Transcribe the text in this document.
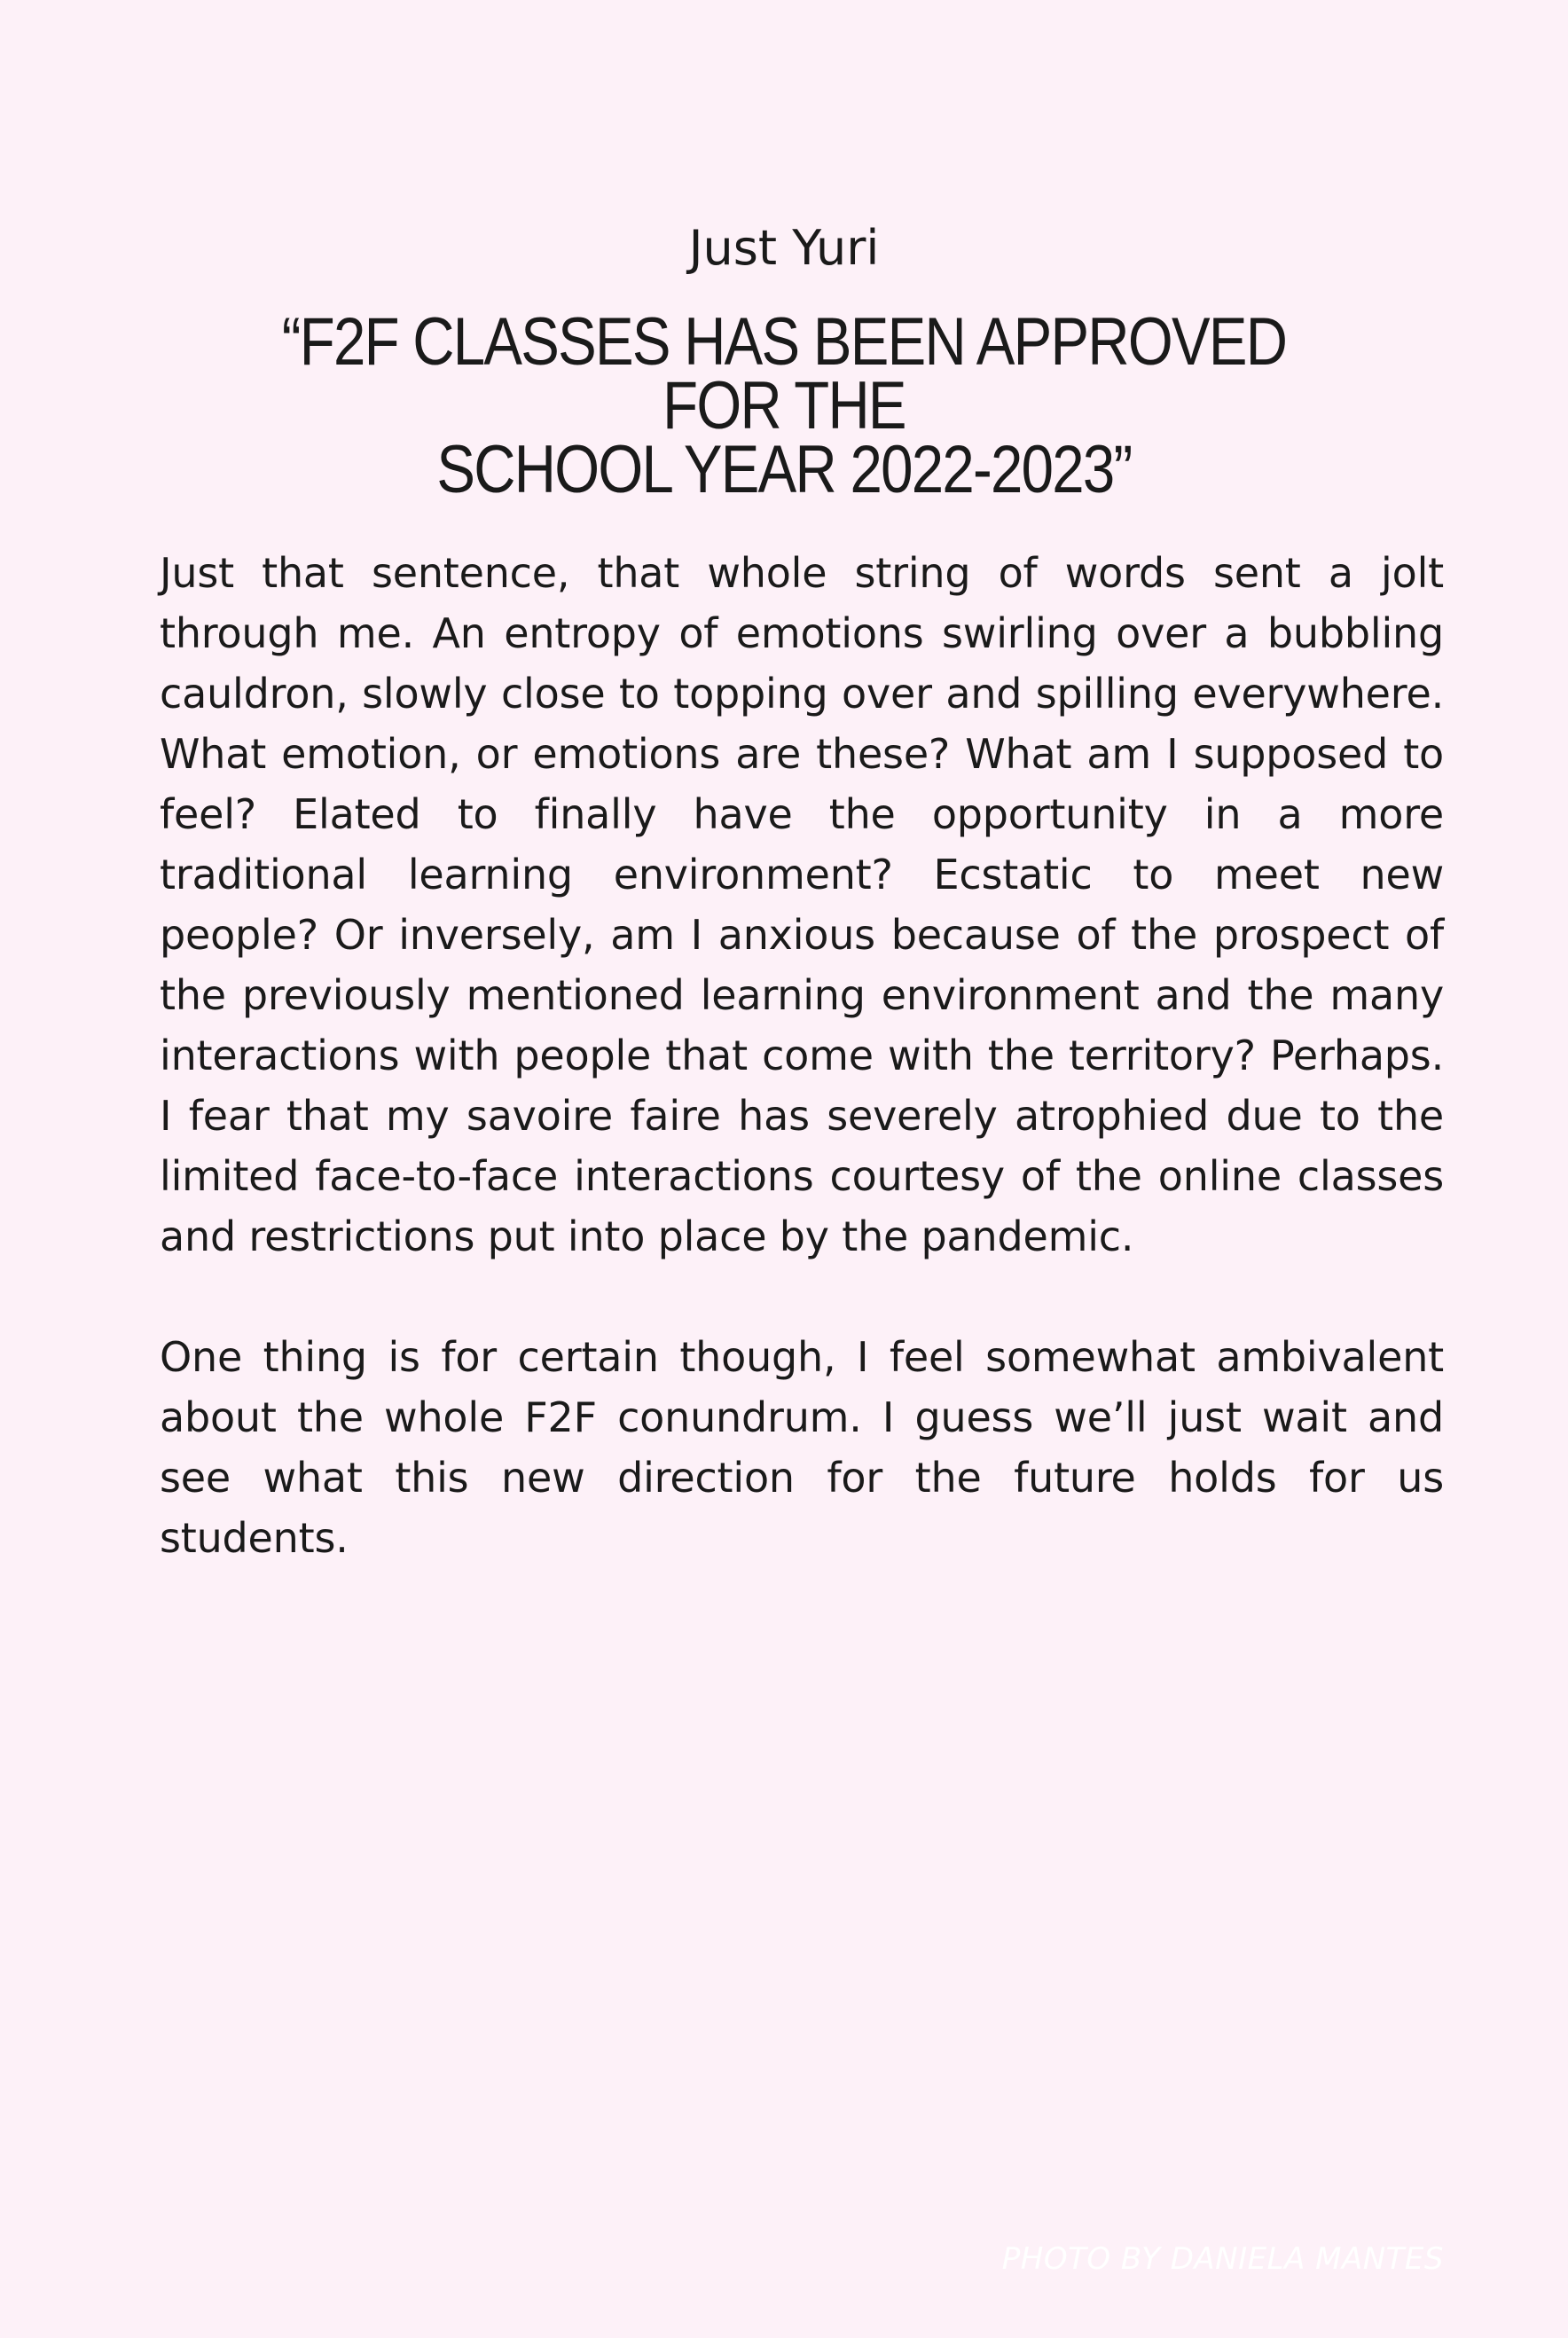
Just Yuri
“F2F CLASSES HAS BEEN APPROVED FOR THE
SCHOOL YEAR 2022-2023”

Just that sentence, that whole string of words sent a jolt through me. An entropy of emotions swirling over a bubbling cauldron, slowly close to topping over and spilling everywhere. What emotion, or emotions are these? What am I supposed to feel? Elated to finally have the opportunity in a more traditional learning environment? Ecstatic to meet new people? Or inversely, am I anxious because of the prospect of the previously mentioned learning environment and the many interactions with people that come with the territory? Perhaps. I fear that my savoire faire has severely atrophied due to the limited face-to-face interactions courtesy of the online classes and restrictions put into place by the pandemic.

One thing is for certain though, I feel somewhat ambivalent about the whole F2F conundrum. I guess we’ll just wait and see what this new direction for the future holds for us students.

PHOTO BY DANIELA MANTES
